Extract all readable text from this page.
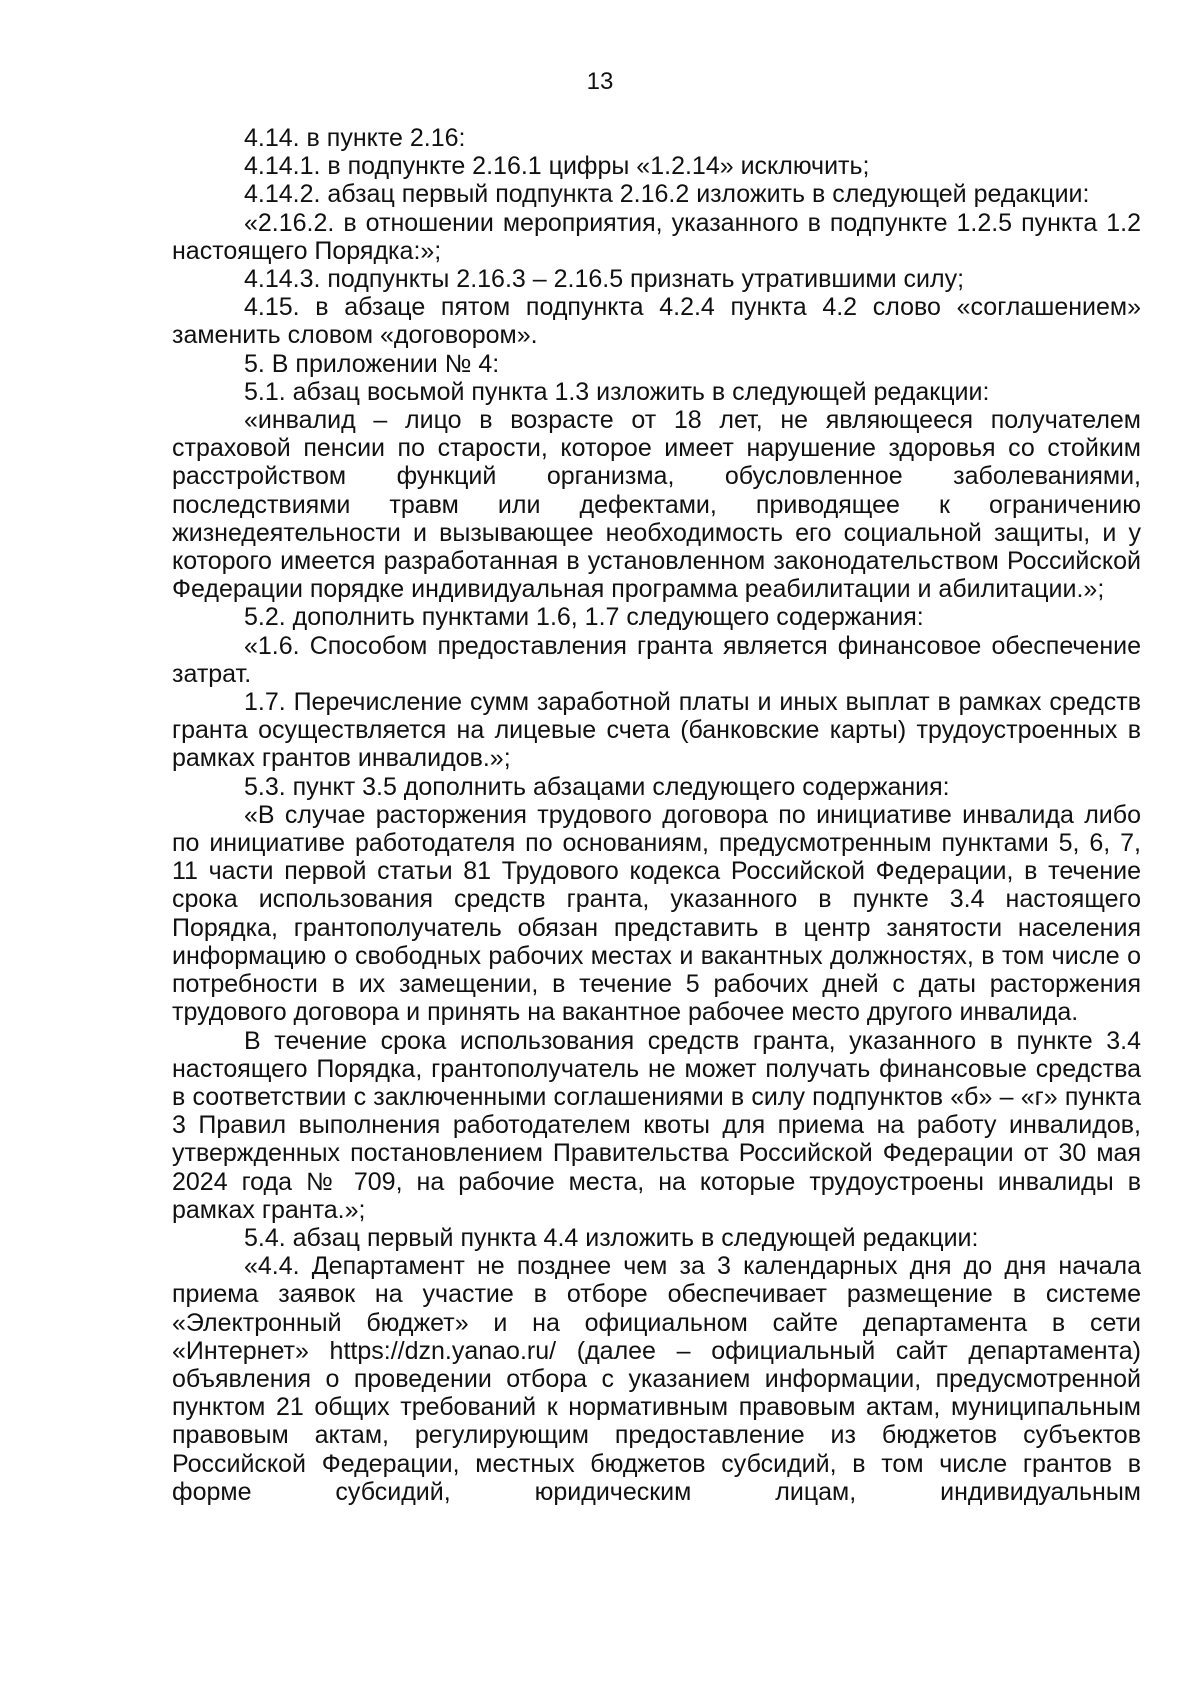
13

4.14. в пункте 2.16:

4.14.1. в подпункте 2.16.1 цифры «1.2.14» исключить;

4.14.2. абзац первый подпункта 2.16.2 изложить в следующей редакции:

«2.16.2. в отношении мероприятия, указанного в подпункте 1.2.5 пункта 1.2 настоящего Порядка:»;

4.14.3. подпункты 2.16.3 – 2.16.5 признать утратившими силу;

4.15. в абзаце пятом подпункта 4.2.4 пункта 4.2 слово «соглашением» заменить словом «договором».

5. В приложении № 4:

5.1. абзац восьмой пункта 1.3 изложить в следующей редакции:

«инвалид – лицо в возрасте от 18 лет, не являющееся получателем страховой пенсии по старости, которое имеет нарушение здоровья со стойким расстройством функций организма, обусловленное заболеваниями, последствиями травм или дефектами, приводящее к ограничению жизнедеятельности и вызывающее необходимость его социальной защиты, и у которого имеется разработанная в установленном законодательством Российской Федерации порядке индивидуальная программа реабилитации и абилитации.»;

5.2. дополнить пунктами 1.6, 1.7 следующего содержания:

«1.6. Способом предоставления гранта является финансовое обеспечение затрат.

1.7. Перечисление сумм заработной платы и иных выплат в рамках средств гранта осуществляется на лицевые счета (банковские карты) трудоустроенных в рамках грантов инвалидов.»;

5.3. пункт 3.5 дополнить абзацами следующего содержания:

«В случае расторжения трудового договора по инициативе инвалида либо по инициативе работодателя по основаниям, предусмотренным пунктами 5, 6, 7, 11 части первой статьи 81 Трудового кодекса Российской Федерации, в течение срока использования средств гранта, указанного в пункте 3.4 настоящего Порядка, грантополучатель обязан представить в центр занятости населения информацию о свободных рабочих местах и вакантных должностях, в том числе о потребности в их замещении, в течение 5 рабочих дней с даты расторжения трудового договора и принять на вакантное рабочее место другого инвалида.

В течение срока использования средств гранта, указанного в пункте 3.4 настоящего Порядка, грантополучатель не может получать финансовые средства в соответствии с заключенными соглашениями в силу подпунктов «б» – «г» пункта 3 Правил выполнения работодателем квоты для приема на работу инвалидов, утвержденных постановлением Правительства Российской Федерации от 30 мая 2024 года № 709, на рабочие места, на которые трудоустроены инвалиды в рамках гранта.»;

5.4. абзац первый пункта 4.4 изложить в следующей редакции:

«4.4. Департамент не позднее чем за 3 календарных дня до дня начала приема заявок на участие в отборе обеспечивает размещение в системе «Электронный бюджет» и на официальном сайте департамента в сети «Интернет» https://dzn.yanao.ru/ (далее – официальный сайт департамента) объявления о проведении отбора с указанием информации, предусмотренной пунктом 21 общих требований к нормативным правовым актам, муниципальным правовым актам, регулирующим предоставление из бюджетов субъектов Российской Федерации, местных бюджетов субсидий, в том числе грантов в форме субсидий, юридическим лицам, индивидуальным
